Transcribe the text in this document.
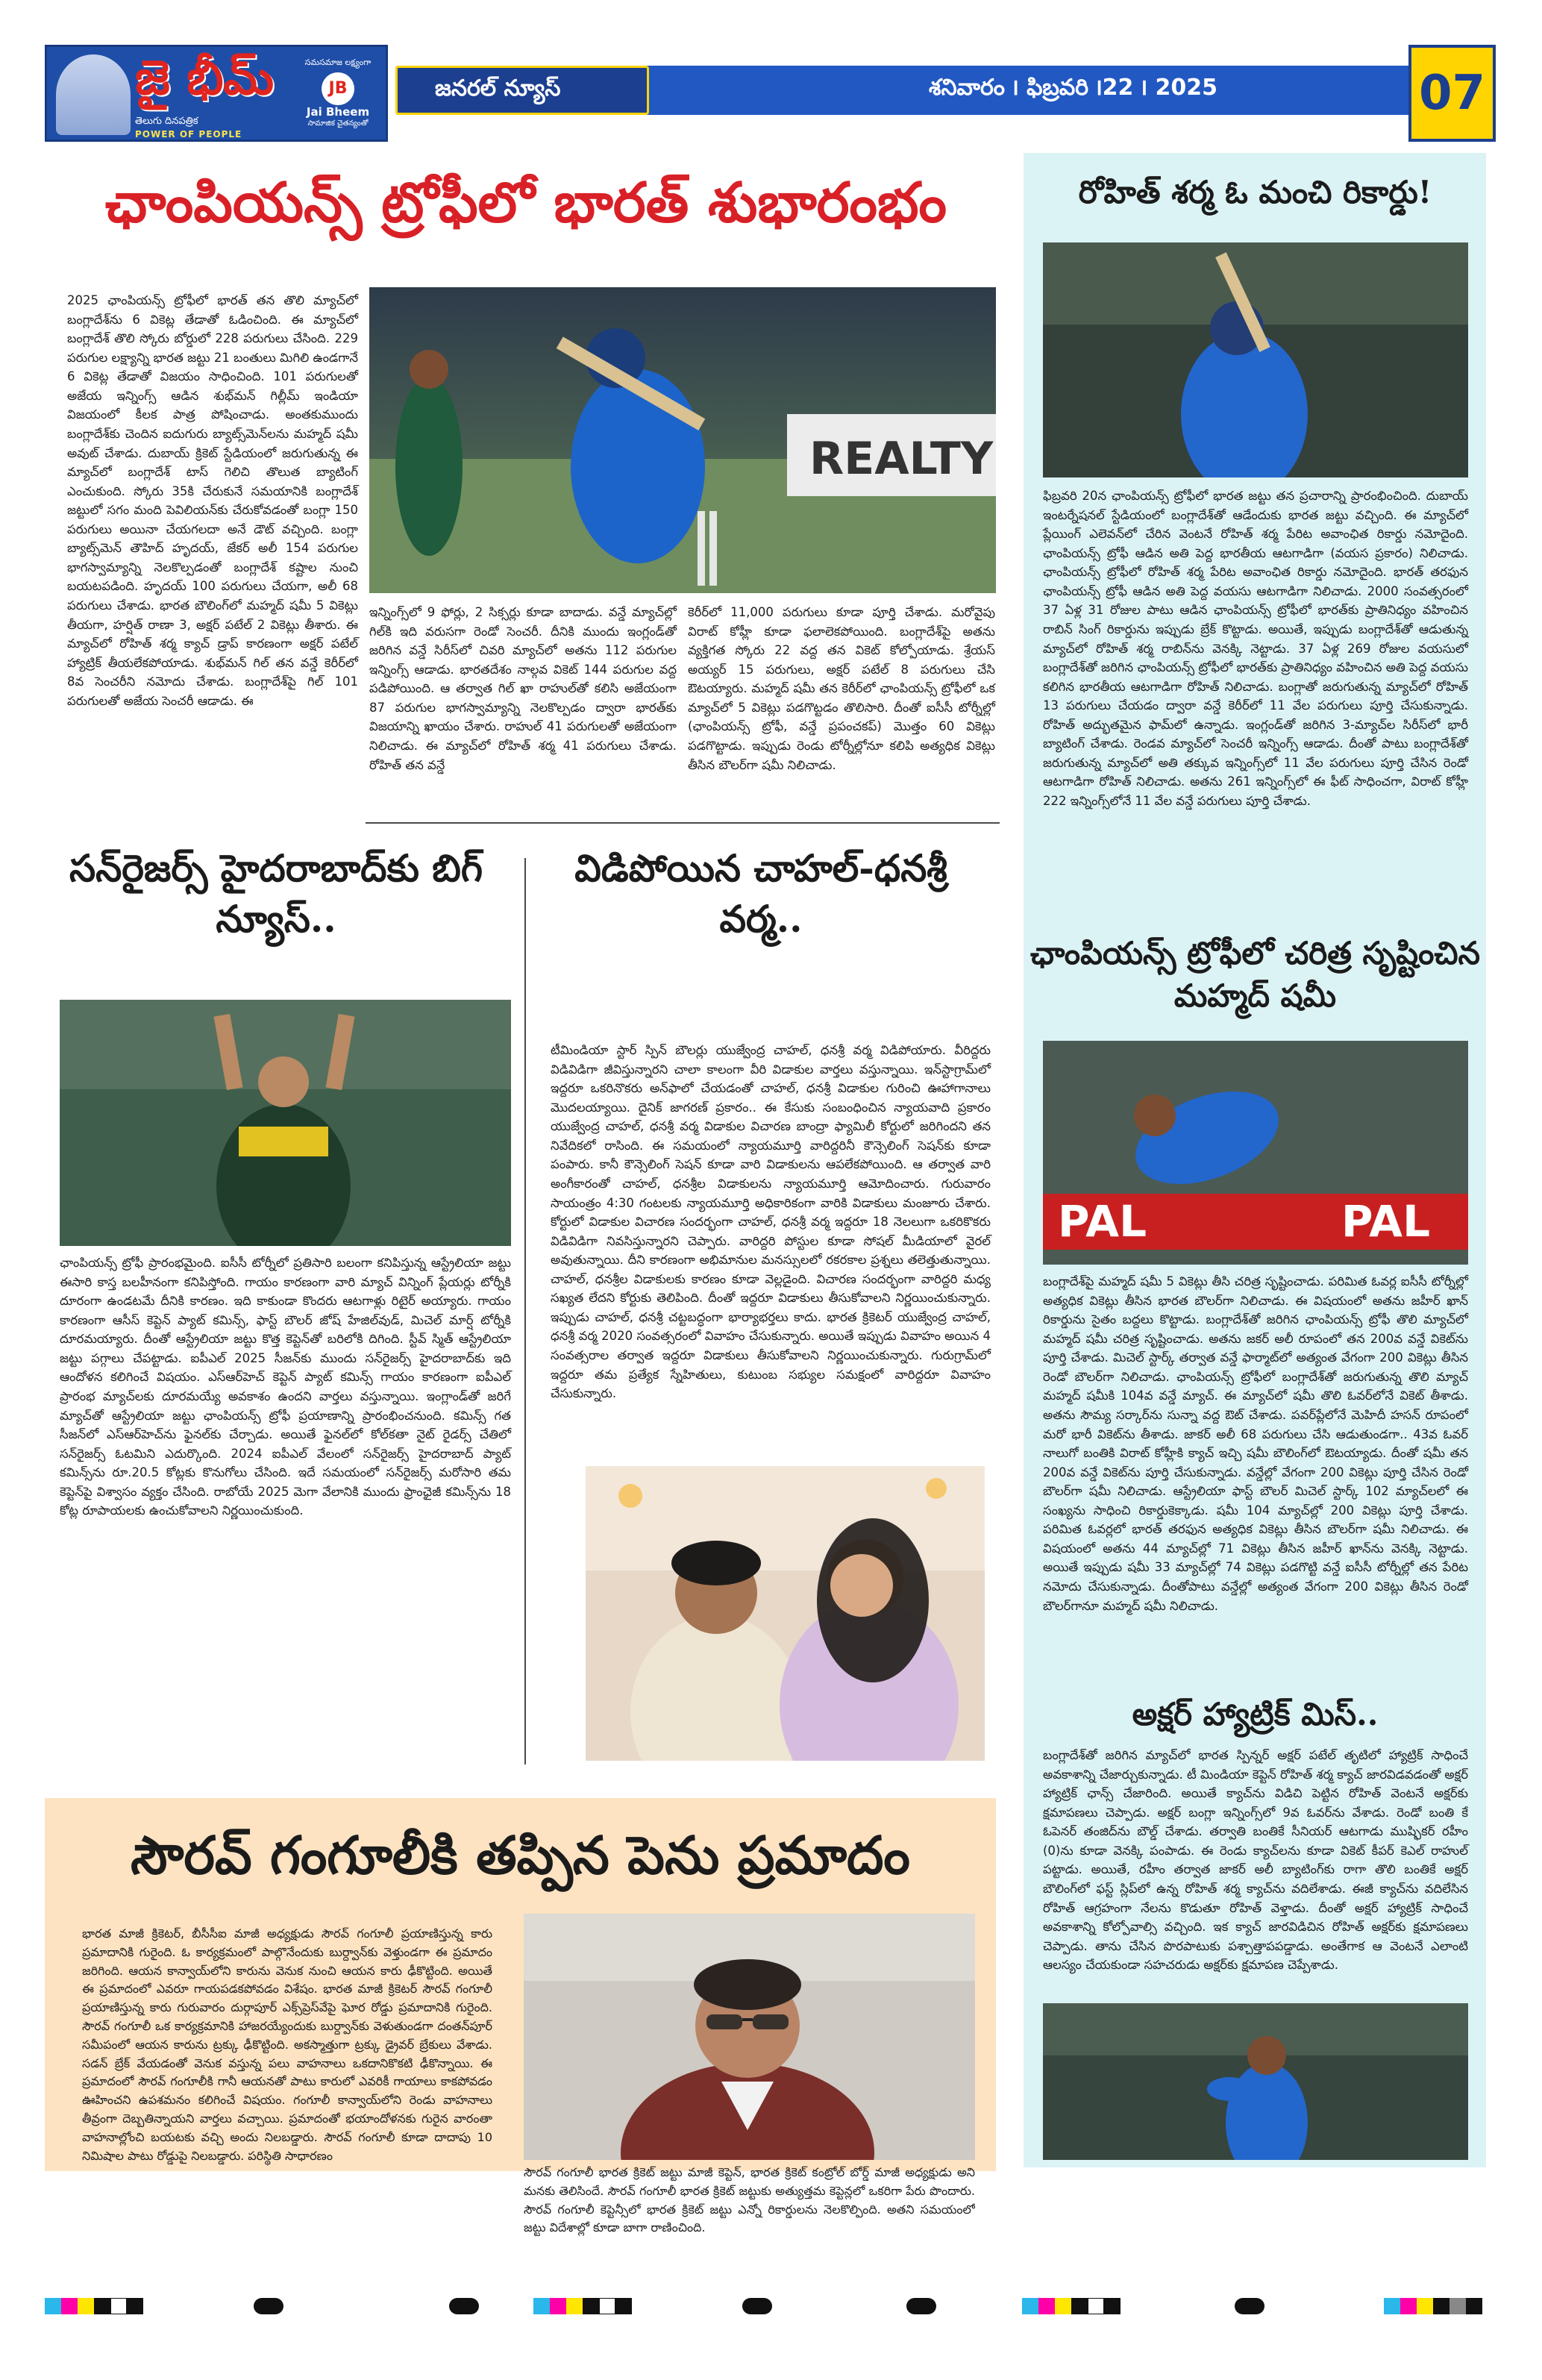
జై భీమ్
తెలుగు దినపత్రిక
POWER OF PEOPLE
సమసమాజ లక్ష్యంగా
JB
Jai Bheem
సామాజిక చైతన్యంతో
జనరల్ న్యూస్	శనివారం ౹ ఫిబ్రవరి ౹22 ౹ 2025	07
ఛాంపియన్స్ ట్రోఫీలో భారత్ శుభారంభం
2025 ఛాంపియన్స్ ట్రోఫీలో భారత్ తన తొలి మ్యాచ్‌లో బంగ్లాదేశ్‌ను 6 వికెట్ల తేడాతో ఓడించింది. ఈ మ్యాచ్‌లో బంగ్లాదేశ్ తొలి స్కోరు బోర్డులో 228 పరుగులు చేసింది. 229 పరుగుల లక్ష్యాన్ని భారత జట్టు 21 బంతులు మిగిలి ఉండగానే 6 వికెట్ల తేడాతో విజయం సాధించింది. 101 పరుగులతో అజేయ ఇన్నింగ్స్ ఆడిన శుభ్‌మన్ గిల్లీమ్ ఇండియా విజయంలో కీలక పాత్ర పోషించాడు. అంతకుముందు బంగ్లాదేశ్‌కు చెందిన ఐదుగురు బ్యాట్స్‌మెన్‌లను మహ్మద్ షమీ అవుట్ చేశాడు. దుబాయ్ క్రికెట్ స్టేడియంలో జరుగుతున్న ఈ మ్యాచ్‌లో బంగ్లాదేశ్ టాస్ గెలిచి తొలుత బ్యాటింగ్ ఎంచుకుంది. స్కోరు 35కి చేరుకునే సమయానికి బంగ్లాదేశ్ జట్టులో సగం మంది పెవిలియన్‌కు చేరుకోవడంతో బంగ్లా 150 పరుగులు అయినా చేయగలదా అనే డౌట్ వచ్చింది. బంగ్లా బ్యాట్స్‌మెన్ తౌహిద్ హృదయ్, జేకర్ అలీ 154 పరుగుల భాగస్వామ్యాన్ని నెలకొల్పడంతో బంగ్లాదేశ్ కష్టాల నుంచి బయటపడింది. హృదయ్ 100 పరుగులు చేయగా, అలీ 68 పరుగులు చేశాడు. భారత బౌలింగ్‌లో మహ్మద్ షమీ 5 వికెట్లు తీయగా, హర్షిత్ రాణా 3, అక్షర్ పటేల్ 2 వికెట్లు తీశారు. ఈ మ్యాచ్‌లో రోహిత్ శర్మ క్యాచ్ డ్రాప్ కారణంగా అక్షర్ పటేల్ హ్యాట్రిక్ తీయలేకపోయాడు. శుభ్‌మన్ గిల్ తన వన్డే కెరీర్‌లో 8వ సెంచరీని నమోదు చేశాడు. బంగ్లాదేశ్‌పై గిల్ 101 పరుగులతో అజేయ సెంచరీ ఆడాడు. ఈ
REALTY
ఇన్నింగ్స్‌లో 9 ఫోర్లు, 2 సిక్సర్లు కూడా బాదాడు. వన్డే మ్యాచ్‌ల్లో గిల్‌కి ఇది వరుసగా రెండో సెంచరీ. దీనికి ముందు ఇంగ్లండ్‌తో జరిగిన వన్డే సిరీస్‌లో చివరి మ్యాచ్‌లో అతను 112 పరుగుల ఇన్నింగ్స్ ఆడాడు. భారతదేశం నాల్గవ వికెట్ 144 పరుగుల వద్ద పడిపోయింది. ఆ తర్వాత గిల్ ఖా రాహుల్‌తో కలిసి అజేయంగా 87 పరుగుల భాగస్వామ్యాన్ని నెలకొల్పడం ద్వారా భారత్‌కు విజయాన్ని ఖాయం చేశారు. రాహుల్ 41 పరుగులతో అజేయంగా నిలిచాడు. ఈ మ్యాచ్‌లో రోహిత్ శర్మ 41 పరుగులు చేశాడు. రోహిత్ తన వన్డే
కెరీర్‌లో 11,000 పరుగులు కూడా పూర్తి చేశాడు. మరోవైపు విరాట్ కోహ్లీ కూడా ఫలాలెకపోయింది. బంగ్లాదేశ్‌పై అతను వ్యక్తిగత స్కోరు 22 వద్ద తన వికెట్ కోల్పోయాడు. శ్రేయస్ అయ్యర్ 15 పరుగులు, అక్షర్ పటేల్ 8 పరుగులు చేసి ఔటయ్యారు. మహ్మద్ షమీ తన కెరీర్‌లో ఛాంపియన్స్ ట్రోఫీలో ఒక మ్యాచ్‌లో 5 వికెట్లు పడగొట్టడం తొలిసారి. దీంతో ఐసీసీ టోర్నీల్లో (ఛాంపియన్స్ ట్రోఫీ, వన్డే ప్రపంచకప్) మొత్తం 60 వికెట్లు పడగొట్టాడు. ఇప్పుడు రెండు టోర్నీల్లోనూ కలిపి అత్యధిక వికెట్లు తీసిన బౌలర్‌గా షమీ నిలిచాడు.
సన్‌రైజర్స్ హైదరాబాద్‌కు బిగ్ న్యూస్..
ఛాంపియన్స్ ట్రోఫీ ప్రారంభమైంది. ఐసీసీ టోర్నీలో ప్రతిసారి బలంగా కనిపిస్తున్న ఆస్ట్రేలియా జట్టు ఈసారి కాస్త బలహీనంగా కనిపిస్తోంది. గాయం కారణంగా వారి మ్యాచ్ విన్నింగ్ ప్లేయర్లు టోర్నీకి దూరంగా ఉండటమే దీనికి కారణం. ఇది కాకుండా కొందరు ఆటగాళ్లు రిటైర్ అయ్యారు. గాయం కారణంగా ఆసీస్ కెప్టెన్ ప్యాట్ కమిన్స్, ఫాస్ట్ బౌలర్ జోష్ హేజిల్‌వుడ్, మిచెల్ మార్ష్ టోర్నీకి దూరమయ్యారు. దీంతో ఆస్ట్రేలియా జట్టు కొత్త కెప్టెన్‌తో బరిలోకి దిగింది. స్టీవ్ స్మిత్ ఆస్ట్రేలియా జట్టు పగ్గాలు చేపట్టాడు. ఐపీఎల్ 2025 సీజన్‌కు ముందు సన్‌రైజర్స్ హైదరాబాద్‌కు ఇది ఆందోళన కలిగించే విషయం. ఎస్ఆర్‌హెచ్ కెప్టెన్ ప్యాట్ కమిన్స్ గాయం కారణంగా ఐపీఎల్ ప్రారంభ మ్యాచ్‌లకు దూరమయ్యే అవకాశం ఉందని వార్తలు వస్తున్నాయి. ఇంగ్లాండ్‌తో జరిగే మ్యాచ్‌తో ఆస్ట్రేలియా జట్టు ఛాంపియన్స్ ట్రోఫీ ప్రయాణాన్ని ప్రారంభించనుంది. కమిన్స్ గత సీజన్‌లో ఎస్ఆర్‌హెచ్‌ను ఫైనల్‌కు చేర్చాడు. అయితే ఫైనల్‌లో కోల్‌కతా నైట్ రైడర్స్ చేతిలో సన్‌రైజర్స్ ఓటమిని ఎదుర్కొంది. 2024 ఐపీఎల్ వేలంలో సన్‌రైజర్స్ హైదరాబాద్ ప్యాట్ కమిన్స్‌ను రూ.20.5 కోట్లకు కొనుగోలు చేసింది. ఇదే సమయంలో సన్‌రైజర్స్ మరోసారి తమ కెప్టెన్‌పై విశ్వాసం వ్యక్తం చేసింది. రాబోయే 2025 మెగా వేలానికి ముందు ఫ్రాంఛైజీ కమిన్స్‌ను 18 కోట్ల రూపాయలకు ఉంచుకోవాలని నిర్ణయించుకుంది.
విడిపోయిన చాహల్-ధనశ్రీ వర్మ..
టీమిండియా స్టార్ స్పిన్ బౌలర్లు యుజ్వేంద్ర చాహల్, ధనశ్రీ వర్మ విడిపోయారు. వీరిద్దరు విడివిడిగా జీవిస్తున్నారని చాలా కాలంగా వీరి విడాకుల వార్తలు వస్తున్నాయి. ఇన్‌స్టాగ్రామ్‌లో ఇద్దరూ ఒకరినొకరు అన్‌ఫాలో చేయడంతో చాహల్, ధనశ్రీ విడాకుల గురించి ఊహాగానాలు మొదలయ్యాయి. దైనిక్ జాగరణ్ ప్రకారం.. ఈ కేసుకు సంబంధించిన న్యాయవాది ప్రకారం యుజ్వేంద్ర చాహల్, ధనశ్రీ వర్మ విడాకుల విచారణ బాంద్రా ఫ్యామిలీ కోర్టులో జరిగిందని తన నివేదికలో రాసింది. ఈ సమయంలో న్యాయమూర్తి వారిద్దరినీ కౌన్సెలింగ్ సెషన్‌కు కూడా పంపారు. కానీ కౌన్సెలింగ్ సెషన్ కూడా వారి విడాకులను ఆపలేకపోయింది. ఆ తర్వాత వారి అంగీకారంతో చాహల్, ధనశ్రీల విడాకులను న్యాయమూర్తి ఆమోదించారు. గురువారం సాయంత్రం 4:30 గంటలకు న్యాయమూర్తి అధికారికంగా వారికి విడాకులు మంజూరు చేశారు. కోర్టులో విడాకుల విచారణ సందర్భంగా చాహల్, ధనశ్రీ వర్మ ఇద్దరూ 18 నెలలుగా ఒకరికొకరు విడివిడిగా నివసిస్తున్నారని చెప్పారు. వారిద్దరి పోస్టుల కూడా సోషల్ మీడియాలో వైరల్ అవుతున్నాయి. దీని కారణంగా అభిమానుల మనస్సులలో రకరకాల ప్రశ్నలు తలెత్తుతున్నాయి. చాహల్, ధనశ్రీల విడాకులకు కారణం కూడా వెల్లడైంది. విచారణ సందర్భంగా వారిద్దరి మధ్య సఖ్యత లేదని కోర్టుకు తెలిపింది. దీంతో ఇద్దరూ విడాకులు తీసుకోవాలని నిర్ణయించుకున్నారు. ఇప్పుడు చాహల్, ధనశ్రీ చట్టబద్ధంగా భార్యాభర్తలు కాదు. భారత క్రికెటర్ యుజ్వేంద్ర చాహల్, ధనశ్రీ వర్మ 2020 సంవత్సరంలో వివాహం చేసుకున్నారు. అయితే ఇప్పుడు వివాహం అయిన 4 సంవత్సరాల తర్వాత ఇద్దరూ విడాకులు తీసుకోవాలని నిర్ణయించుకున్నారు. గురుగ్రామ్‌లో ఇద్దరూ తమ ప్రత్యేక స్నేహితులు, కుటుంబ సభ్యుల సమక్షంలో వారిద్దరూ వివాహం చేసుకున్నారు.
సౌరవ్ గంగూలీకి తప్పిన పెను ప్రమాదం
భారత మాజీ క్రికెటర్, బీసీసీఐ మాజీ అధ్యక్షుడు సౌరవ్ గంగూలీ ప్రయాణిస్తున్న కారు ప్రమాదానికి గురైంది. ఓ కార్యక్రమంలో పాల్గొనేందుకు బుర్ద్వాన్‌కు వెళ్తుండగా ఈ ప్రమాదం జరిగింది. ఆయన కాన్వాయ్‌లోని కారును వెనుక నుంచి ఆయన కారు ఢీకొట్టింది. అయితే ఈ ప్రమాదంలో ఎవరూ గాయపడకపోవడం విశేషం. భారత మాజీ క్రికెటర్ సౌరవ్ గంగూలీ ప్రయాణిస్తున్న కారు గురువారం దుర్గాపూర్ ఎక్స్‌ప్రెస్‌వేపై ఘోర రోడ్డు ప్రమాదానికి గురైంది. సౌరవ్ గంగూలీ ఒక కార్యక్రమానికి హాజరయ్యేందుకు బుర్ద్వాన్‌కు వెళుతుండగా దంతన్‌పూర్ సమీపంలో ఆయన కారును ట్రక్కు ఢీకొట్టింది. అకస్మాత్తుగా ట్రక్కు డ్రైవర్ బ్రేకులు వేశాడు. సడన్ బ్రేక్ వేయడంతో వెనుక వస్తున్న పలు వాహనాలు ఒకదానికొకటి ఢీకొన్నాయి. ఈ ప్రమాదంలో సౌరవ్ గంగూలీకి గానీ ఆయనతో పాటు కారులో ఎవరికీ గాయాలు కాకపోవడం ఊహించని ఉపశమనం కలిగించే విషయం. గంగూలీ కాన్వాయ్‌లోని రెండు వాహనాలు తీవ్రంగా దెబ్బతిన్నాయని వార్తలు వచ్చాయి. ప్రమాదంతో భయాందోళనకు గురైన వారంతా వాహనాల్లోంచి బయటకు వచ్చి అందు నిలబడ్డారు. సౌరవ్ గంగూలీ కూడా దాదాపు 10 నిమిషాల పాటు రోడ్డుపై నిలబడ్డారు. పరిస్థితి సాధారణం
సౌరవ్ గంగూలీ భారత క్రికెట్ జట్టు మాజీ కెప్టెన్, భారత క్రికెట్ కంట్రోల్ బోర్డ్ మాజీ అధ్యక్షుడు అని మనకు తెలిసిందే. సౌరవ్ గంగూలీ భారత క్రికెట్ జట్టుకు అత్యుత్తమ కెప్టెన్లలో ఒకరిగా పేరు పొందారు. సౌరవ్ గంగూలీ కెప్టెన్సీలో భారత క్రికెట్ జట్టు ఎన్నో రికార్డులను నెలకొల్పింది. అతని సమయంలో జట్టు విదేశాల్లో కూడా బాగా రాణించింది.
రోహిత్ శర్మ ఓ మంచి రికార్డు!
ఫిబ్రవరి 20న ఛాంపియన్స్ ట్రోఫీలో భారత జట్టు తన ప్రచారాన్ని ప్రారంభించింది. దుబాయ్ ఇంటర్నేషనల్ స్టేడియంలో బంగ్లాదేశ్‌తో ఆడేందుకు భారత జట్టు వచ్చింది. ఈ మ్యాచ్‌లో ప్లేయింగ్ ఎలెవన్‌లో చేరిన వెంటనే రోహిత్ శర్మ పేరిట అవాంఛిత రికార్డు నమోదైంది. ఛాంపియన్స్ ట్రోఫీ ఆడిన అతి పెద్ద భారతీయ ఆటగాడిగా (వయస ప్రకారం) నిలిచాడు. ఛాంపియన్స్ ట్రోఫీలో రోహిత్ శర్మ పేరిట అవాంఛిత రికార్డు నమోదైంది. భారత్ తరఫున ఛాంపియన్స్ ట్రోఫీ ఆడిన అతి పెద్ద వయసు ఆటగాడిగా నిలిచాడు. 2000 సంవత్సరంలో 37 ఏళ్ల 31 రోజుల పాటు ఆడిన ఛాంపియన్స్ ట్రోఫీలో భారత్‌కు ప్రాతినిధ్యం వహించిన రాబిన్ సింగ్ రికార్డును ఇప్పుడు బ్రేక్ కొట్టాడు. అయితే, ఇప్పుడు బంగ్లాదేశ్‌తో ఆడుతున్న మ్యాచ్‌లో రోహిత్ శర్మ రాబిన్‌ను వెనక్కి నెట్టాడు. 37 ఏళ్ల 269 రోజుల వయసులో బంగ్లాదేశ్‌తో జరిగిన ఛాంపియన్స్ ట్రోఫీలో భారత్‌కు ప్రాతినిధ్యం వహించిన అతి పెద్ద వయసు కలిగిన భారతీయ ఆటగాడిగా రోహిత్ నిలిచాడు. బంగ్లాతో జరుగుతున్న మ్యాచ్‌లో రోహిత్ 13 పరుగులు చేయడం ద్వారా వన్డే కెరీర్‌లో 11 వేల పరుగులు పూర్తి చేసుకున్నాడు. రోహిత్ అద్భుతమైన ఫామ్‌లో ఉన్నాడు. ఇంగ్లండ్‌తో జరిగిన 3-మ్యాచ్‌ల సిరీస్‌లో భారీ బ్యాటింగ్ చేశాడు. రెండవ మ్యాచ్‌లో సెంచరీ ఇన్నింగ్స్ ఆడాడు. దీంతో పాటు బంగ్లాదేశ్‌తో జరుగుతున్న మ్యాచ్‌లో అతి తక్కువ ఇన్నింగ్స్‌లో 11 వేల పరుగులు పూర్తి చేసిన రెండో ఆటగాడిగా రోహిత్ నిలిచాడు. అతను 261 ఇన్నింగ్స్‌లో ఈ ఫీట్ సాధించగా, విరాట్ కోహ్లీ 222 ఇన్నింగ్స్‌లోనే 11 వేల వన్డే పరుగులు పూర్తి చేశాడు.
ఛాంపియన్స్ ట్రోఫీలో చరిత్ర సృష్టించిన మహ్మద్ షమీ
PAL	PAL
బంగ్లాదేశ్‌పై మహ్మద్ షమీ 5 వికెట్లు తీసి చరిత్ర సృష్టించాడు. పరిమిత ఓవర్ల ఐసీసీ టోర్నీల్లో అత్యధిక వికెట్లు తీసిన భారత బౌలర్‌గా నిలిచాడు. ఈ విషయంలో అతను జహీర్ ఖాన్ రికార్డును సైతం బద్దలు కొట్టాడు. బంగ్లాదేశ్‌తో జరిగిన ఛాంపియన్స్ ట్రోఫీ తొలి మ్యాచ్‌లో మహ్మద్ షమీ చరిత్ర సృష్టించాడు. అతను జకర్ అలీ రూపంలో తన 200వ వన్డే వికెట్‌ను పూర్తి చేశాడు. మిచెల్ స్టార్క్ తర్వాత వన్డే ఫార్మాట్‌లో అత్యంత వేగంగా 200 వికెట్లు తీసిన రెండో బౌలర్‌గా నిలిచాడు. ఛాంపియన్స్ ట్రోఫీలో బంగ్లాదేశ్‌తో జరుగుతున్న తొలి మ్యాచ్ మహ్మద్ షమీకి 104వ వన్డే మ్యాచ్. ఈ మ్యాచ్‌లో షమీ తొలి ఓవర్‌లోనే వికెట్ తీశాడు. అతను సౌమ్య సర్కార్‌ను సున్నా వద్ద ఔట్ చేశాడు. పవర్‌ప్లేలోనే మెహిదీ హసన్ రూపంలో మరో భారీ వికెట్‌ను తీశాడు. జాకర్ అలీ 68 పరుగులు చేసి ఆడుతుండగా.. 43వ ఓవర్ నాలుగో బంతికి విరాట్ కోహ్లీకి క్యాచ్ ఇచ్చి షమీ బౌలింగ్‌లో ఔటయ్యాడు. దీంతో షమీ తన 200వ వన్డే వికెట్‌ను పూర్తి చేసుకున్నాడు. వన్డేల్లో వేగంగా 200 వికెట్లు పూర్తి చేసిన రెండో బౌలర్‌గా షమీ నిలిచాడు. ఆస్ట్రేలియా ఫాస్ట్ బౌలర్ మిచెల్ స్టార్క్ 102 మ్యాచ్‌లలో ఈ సంఖ్యను సాధించి రికార్డుకెక్కాడు. షమీ 104 మ్యాచ్‌ల్లో 200 వికెట్లు పూర్తి చేశాడు. పరిమిత ఓవర్లలో భారత్ తరఫున అత్యధిక వికెట్లు తీసిన బౌలర్‌గా షమీ నిలిచాడు. ఈ విషయంలో అతను 44 మ్యాచ్‌ల్లో 71 వికెట్లు తీసిన జహీర్ ఖాన్‌ను వెనక్కి నెట్టాడు. అయితే ఇప్పుడు షమీ 33 మ్యాచ్‌ల్లో 74 వికెట్లు పడగొట్టి వన్డే ఐసీసీ టోర్నీల్లో తన పేరిట నమోదు చేసుకున్నాడు. దీంతోపాటు వన్డేల్లో అత్యంత వేగంగా 200 వికెట్లు తీసిన రెండో బౌలర్‌గానూ మహ్మద్ షమీ నిలిచాడు.
అక్షర్ హ్యాట్రిక్ మిస్..
బంగ్లాదేశ్‌తో జరిగిన మ్యాచ్‌లో భారత స్పిన్నర్ అక్షర్ పటేల్ తృటిలో హ్యాట్రిక్ సాధించే అవకాశాన్ని చేజార్చుకున్నాడు. టీ మిండియా కెప్టెన్ రోహిత్ శర్మ క్యాచ్ జారవిడవడంతో అక్షర్ హ్యాట్రిక్ ఛాన్స్ చేజారింది. అయితే క్యాచ్‌ను విడిచి పెట్టిన రోహిత్ వెంటనే అక్షర్‌కు క్షమాపణలు చెప్పాడు. అక్షర్ బంగ్లా ఇన్నింగ్స్‌లో 9వ ఓవర్‌ను వేశాడు. రెండో బంతి కే ఓపెనర్ తంజిద్‌ను బౌల్డ్ చేశాడు. తర్వాతి బంతికే సీనియర్ ఆటగాడు ముష్ఫికర్ రహీం (0)ను కూడా వెనక్కి పంపాడు. ఈ రెండు క్యాచ్‌లను కూడా వికెట్ కీపర్ కెఎల్ రాహుల్ పట్టాడు. అయితే, రహీం తర్వాత జాకర్ అలీ బ్యాటింగ్‌కు రాగా తొలి బంతికే అక్షర్ బౌలింగ్‌లో ఫస్ట్ స్లిప్‌లో ఉన్న రోహిత్ శర్మ క్యాచ్‌ను వదిలేశాడు. ఈజీ క్యాచ్‌ను వదిలేసిన రోహిత్ ఆగ్రహంగా నేలను కొడుతూ రోహిత్ వెళ్తాడు. దీంతో అక్షర్ హ్యాట్రిక్ సాధించే అవకాశాన్ని కోల్పోవాల్సి వచ్చింది. ఇక క్యాచ్ జారవిడిచిన రోహిత్ అక్షర్‌కు క్షమాపణలు చెప్పాడు. తాను చేసిన పొరపాటుకు పశ్చాత్తాపపడ్డాడు. అంతేగాక ఆ వెంటనే ఎలాంటి ఆలస్యం చేయకుండా సహచరుడు అక్షర్‌కు క్షమాపణ చెప్పేశాడు.
